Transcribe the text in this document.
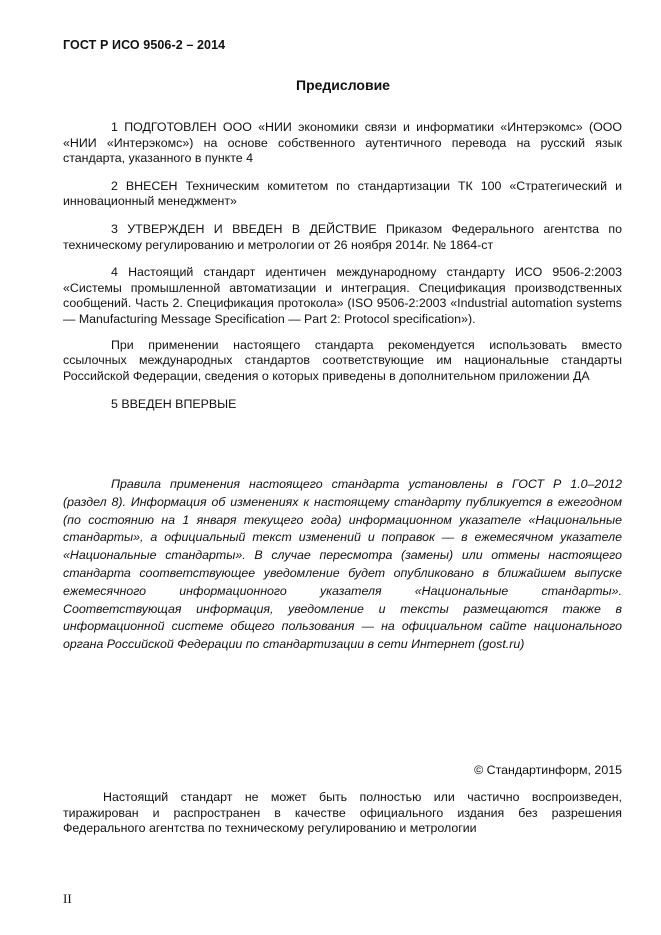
ГОСТ Р ИСО 9506-2 – 2014
Предисловие

1 ПОДГОТОВЛЕН ООО «НИИ экономики связи и информатики «Интерэкомс» (ООО «НИИ «Интерэкомс») на основе собственного аутентичного перевода на русский язык стандарта, указанного в пункте 4

2 ВНЕСЕН Техническим комитетом по стандартизации ТК 100 «Стратегический и инновационный менеджмент»

3 УТВЕРЖДЕН И ВВЕДЕН В ДЕЙСТВИЕ Приказом Федерального агентства по техническому регулированию и метрологии от 26 ноября 2014г. № 1864-ст

4 Настоящий стандарт идентичен международному стандарту ИСО 9506-2:2003 «Системы промышленной автоматизации и интеграция. Спецификация производственных сообщений. Часть 2. Спецификация протокола» (ISO 9506-2:2003 «Industrial automation systems — Manufacturing Message Specification — Part 2: Protocol specification»).

При применении настоящего стандарта рекомендуется использовать вместо ссылочных международных стандартов соответствующие им национальные стандарты Российской Федерации, сведения о которых приведены в дополнительном приложении ДА

5 ВВЕДЕН ВПЕРВЫЕ

Правила применения настоящего стандарта установлены в ГОСТ Р 1.0–2012 (раздел 8). Информация об изменениях к настоящему стандарту публикуется в ежегодном (по состоянию на 1 января текущего года) информационном указателе «Национальные стандарты», а официальный текст изменений и поправок — в ежемесячном указателе «Национальные стандарты». В случае пересмотра (замены) или отмены настоящего стандарта соответствующее уведомление будет опубликовано в ближайшем выпуске ежемесячного информационного указателя «Национальные стандарты». Соответствующая информация, уведомление и тексты размещаются также в информационной системе общего пользования — на официальном сайте национального органа Российской Федерации по стандартизации в сети Интернет (gost.ru)

© Стандартинформ, 2015

Настоящий стандарт не может быть полностью или частично воспроизведен, тиражирован и распространен в качестве официального издания без разрешения Федерального агентства по техническому регулированию и метрологии

II
